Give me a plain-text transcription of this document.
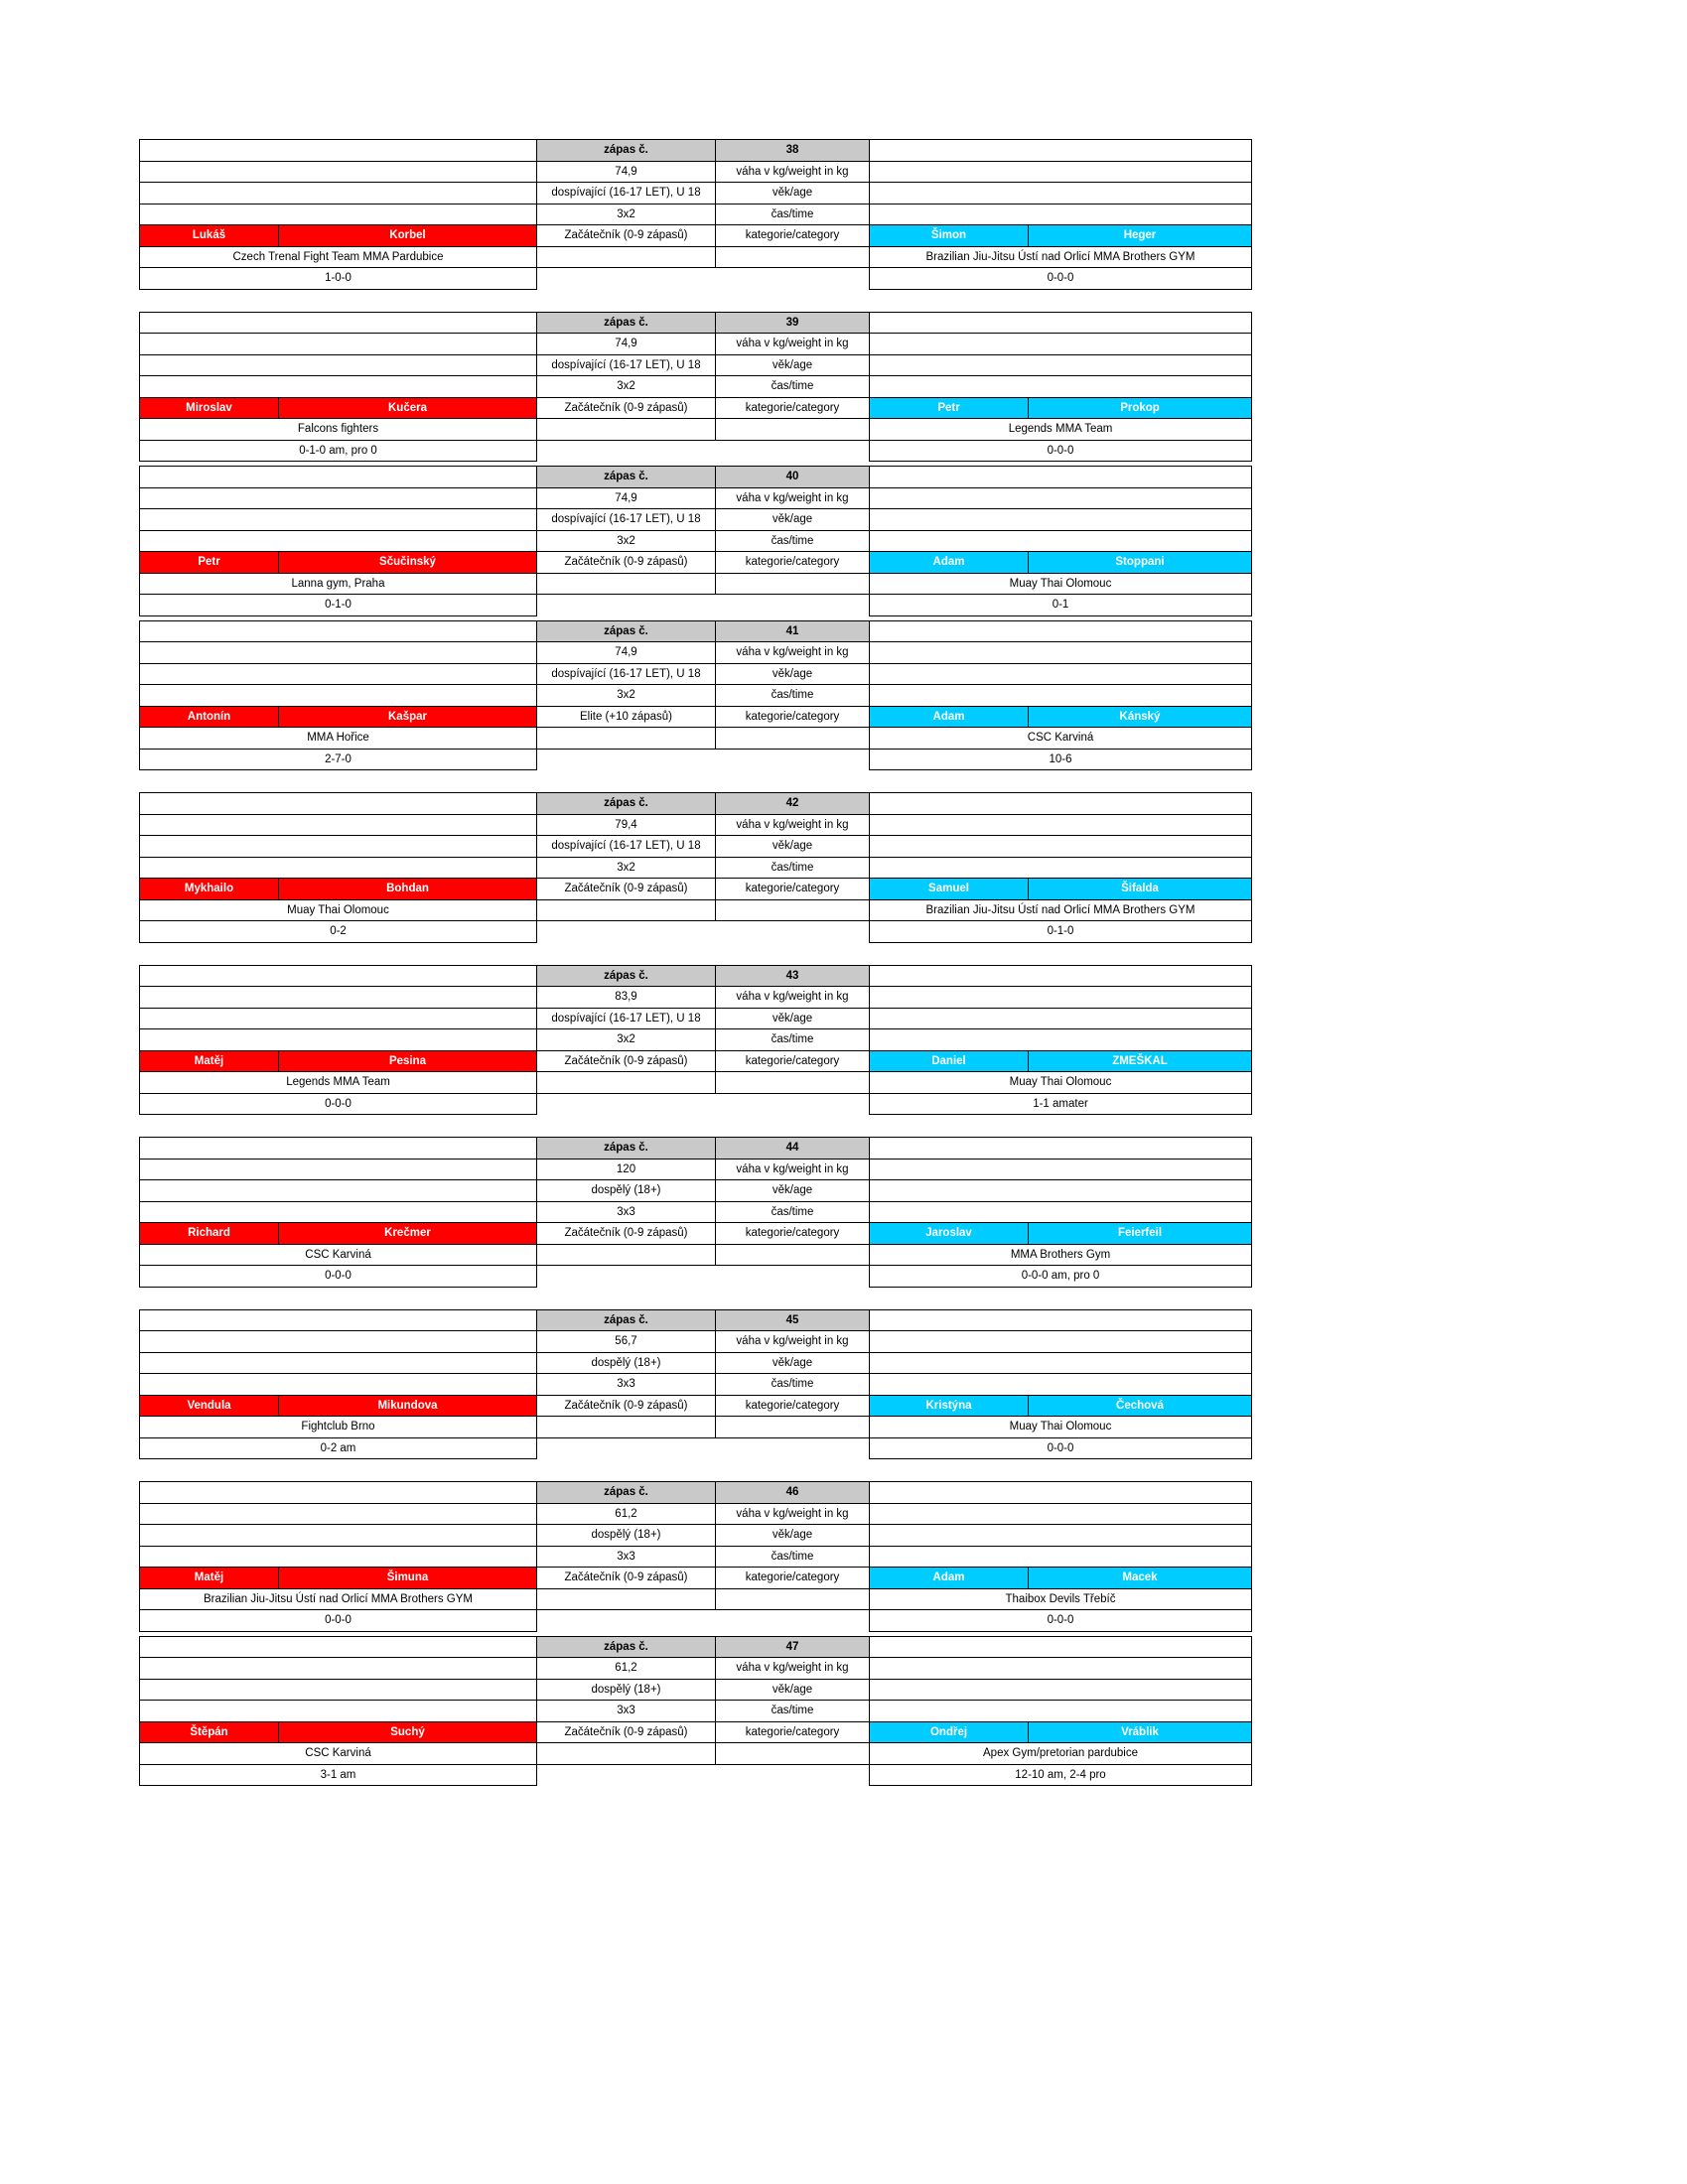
		zápas č.	38		
		74,9	váha v kg/weight in kg		
		dospívající (16-17 LET), U 18	věk/age		
		3x2	čas/time		
Lukáš	Korbel	Začátečník (0-9 zápasů)	kategorie/category	Šimon	Heger
Czech Trenal Fight Team MMA Pardubice				Brazilian Jiu-Jitsu Ústí nad Orlicí MMA Brothers GYM	
1-0-0				0-0-0	

		zápas č.	39		
		74,9	váha v kg/weight in kg		
		dospívající (16-17 LET), U 18	věk/age		
		3x2	čas/time		
Miroslav	Kučera	Začátečník (0-9 zápasů)	kategorie/category	Petr	Prokop
Falcons fighters				Legends MMA Team	
0-1-0 am, pro 0				0-0-0	

		zápas č.	40		
		74,9	váha v kg/weight in kg		
		dospívající (16-17 LET), U 18	věk/age		
		3x2	čas/time		
Petr	Sčučinský	Začátečník (0-9 zápasů)	kategorie/category	Adam	Stoppani
Lanna gym, Praha				Muay Thai Olomouc	
0-1-0				0-1	

		zápas č.	41		
		74,9	váha v kg/weight in kg		
		dospívající (16-17 LET), U 18	věk/age		
		3x2	čas/time		
Antonín	Kašpar	Elite (+10 zápasů)	kategorie/category	Adam	Kánský
MMA Hořice				CSC Karviná	
2-7-0				10-6	

		zápas č.	42		
		79,4	váha v kg/weight in kg		
		dospívající (16-17 LET), U 18	věk/age		
		3x2	čas/time		
Mykhailo	Bohdan	Začátečník (0-9 zápasů)	kategorie/category	Samuel	Šifalda
Muay Thai Olomouc				Brazilian Jiu-Jitsu Ústí nad Orlicí MMA Brothers GYM	
0-2				0-1-0	

		zápas č.	43		
		83,9	váha v kg/weight in kg		
		dospívající (16-17 LET), U 18	věk/age		
		3x2	čas/time		
Matěj	Pesina	Začátečník (0-9 zápasů)	kategorie/category	Daniel	ZMEŠKAL
Legends MMA Team				Muay Thai Olomouc	
0-0-0				1-1 amater	

		zápas č.	44		
		120	váha v kg/weight in kg		
		dospělý (18+)	věk/age		
		3x3	čas/time		
Richard	Krečmer	Začátečník (0-9 zápasů)	kategorie/category	Jaroslav	Feierfeil
CSC Karviná				MMA Brothers Gym	
0-0-0				0-0-0 am, pro 0	

		zápas č.	45		
		56,7	váha v kg/weight in kg		
		dospělý (18+)	věk/age		
		3x3	čas/time		
Vendula	Mikundova	Začátečník (0-9 zápasů)	kategorie/category	Kristýna	Čechová
Fightclub Brno				Muay Thai Olomouc	
0-2 am				0-0-0	

		zápas č.	46		
		61,2	váha v kg/weight in kg		
		dospělý (18+)	věk/age		
		3x3	čas/time		
Matěj	Šimuna	Začátečník (0-9 zápasů)	kategorie/category	Adam	Macek
Brazilian Jiu-Jitsu Ústí nad Orlicí MMA Brothers GYM				Thaibox Devils Třebíč	
0-0-0				0-0-0	

		zápas č.	47		
		61,2	váha v kg/weight in kg		
		dospělý (18+)	věk/age		
		3x3	čas/time		
Štěpán	Suchý	Začátečník (0-9 zápasů)	kategorie/category	Ondřej	Vráblik
CSC Karviná				Apex Gym/pretorian pardubice	
3-1 am				12-10 am, 2-4 pro	
